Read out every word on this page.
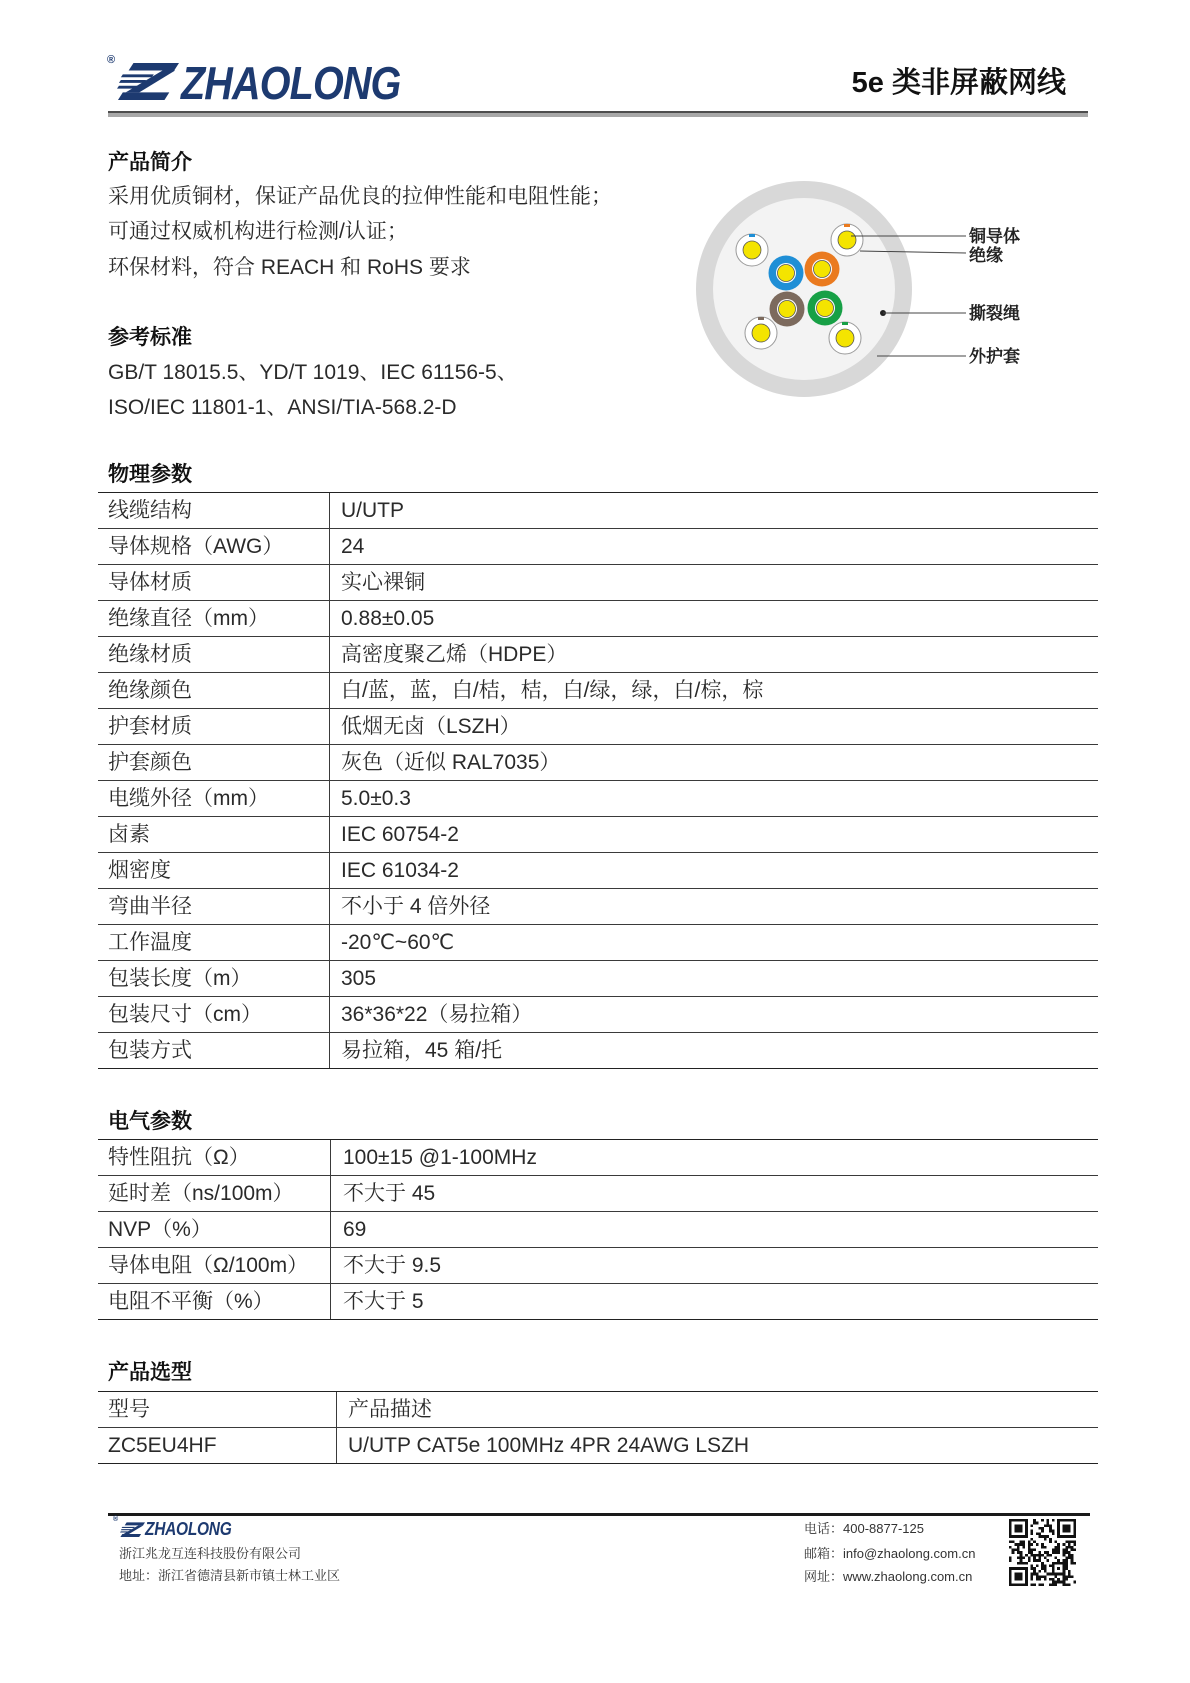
® ZHAOLONG	5e 类非屏蔽网线
产品简介
采用优质铜材，保证产品优良的拉伸性能和电阻性能；
可通过权威机构进行检测/认证；
环保材料，符合 REACH 和 RoHS 要求
参考标准
GB/T 18015.5、YD/T 1019、IEC 61156-5、
ISO/IEC 11801-1、ANSI/TIA-568.2-D
铜导体
绝缘
撕裂绳
外护套
物理参数
线缆结构	U/UTP
导体规格（AWG）	24
导体材质	实心裸铜
绝缘直径（mm）	0.88±0.05
绝缘材质	高密度聚乙烯（HDPE）
绝缘颜色	白/蓝，蓝，白/桔，桔，白/绿，绿，白/棕，棕
护套材质	低烟无卤（LSZH）
护套颜色	灰色（近似 RAL7035）
电缆外径（mm）	5.0±0.3
卤素	IEC 60754-2
烟密度	IEC 61034-2
弯曲半径	不小于 4 倍外径
工作温度	-20℃~60℃
包装长度（m）	305
包装尺寸（cm）	36*36*22（易拉箱）
包装方式	易拉箱，45 箱/托
电气参数
特性阻抗（Ω）	100±15 @1-100MHz
延时差（ns/100m）	不大于 45
NVP（%）	69
导体电阻（Ω/100m）	不大于 9.5
电阻不平衡（%）	不大于 5
产品选型
型号	产品描述
ZC5EU4HF	U/UTP CAT5e 100MHz 4PR 24AWG LSZH
® ZHAOLONG
浙江兆龙互连科技股份有限公司
地址：浙江省德清县新市镇士林工业区
电话：400-8877-125
邮箱：info@zhaolong.com.cn
网址：www.zhaolong.com.cn
